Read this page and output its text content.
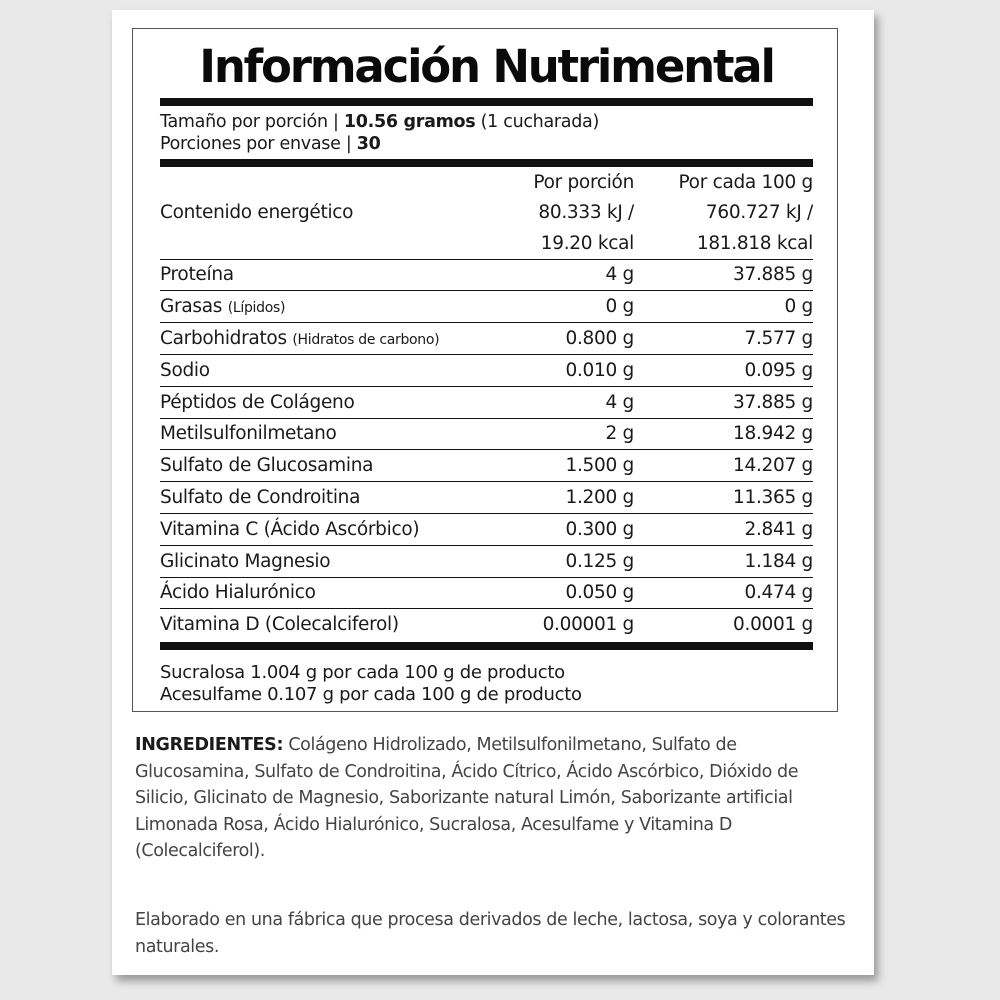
Información Nutrimental
Tamaño por porción | 10.56 gramos (1 cucharada)
Porciones por envase | 30
	Por porción	Por cada 100 g
Contenido energético	80.333 kJ /	760.727 kJ /
	19.20 kcal	181.818 kcal
Proteína	4 g	37.885 g
Grasas (Lípidos)	0 g	0 g
Carbohidratos (Hidratos de carbono)	0.800 g	7.577 g
Sodio	0.010 g	0.095 g
Péptidos de Colágeno	4 g	37.885 g
Metilsulfonilmetano	2 g	18.942 g
Sulfato de Glucosamina	1.500 g	14.207 g
Sulfato de Condroitina	1.200 g	11.365 g
Vitamina C (Ácido Ascórbico)	0.300 g	2.841 g
Glicinato Magnesio	0.125 g	1.184 g
Ácido Hialurónico	0.050 g	0.474 g
Vitamina D (Colecalciferol)	0.00001 g	0.0001 g
Sucralosa 1.004 g por cada 100 g de producto
Acesulfame 0.107 g por cada 100 g de producto
INGREDIENTES: Colágeno Hidrolizado, Metilsulfonilmetano, Sulfato de Glucosamina, Sulfato de Condroitina, Ácido Cítrico, Ácido Ascórbico, Dióxido de Silicio, Glicinato de Magnesio, Saborizante natural Limón, Saborizante artificial Limonada Rosa, Ácido Hialurónico, Sucralosa, Acesulfame y Vitamina D (Colecalciferol).
Elaborado en una fábrica que procesa derivados de leche, lactosa, soya y colorantes naturales.
